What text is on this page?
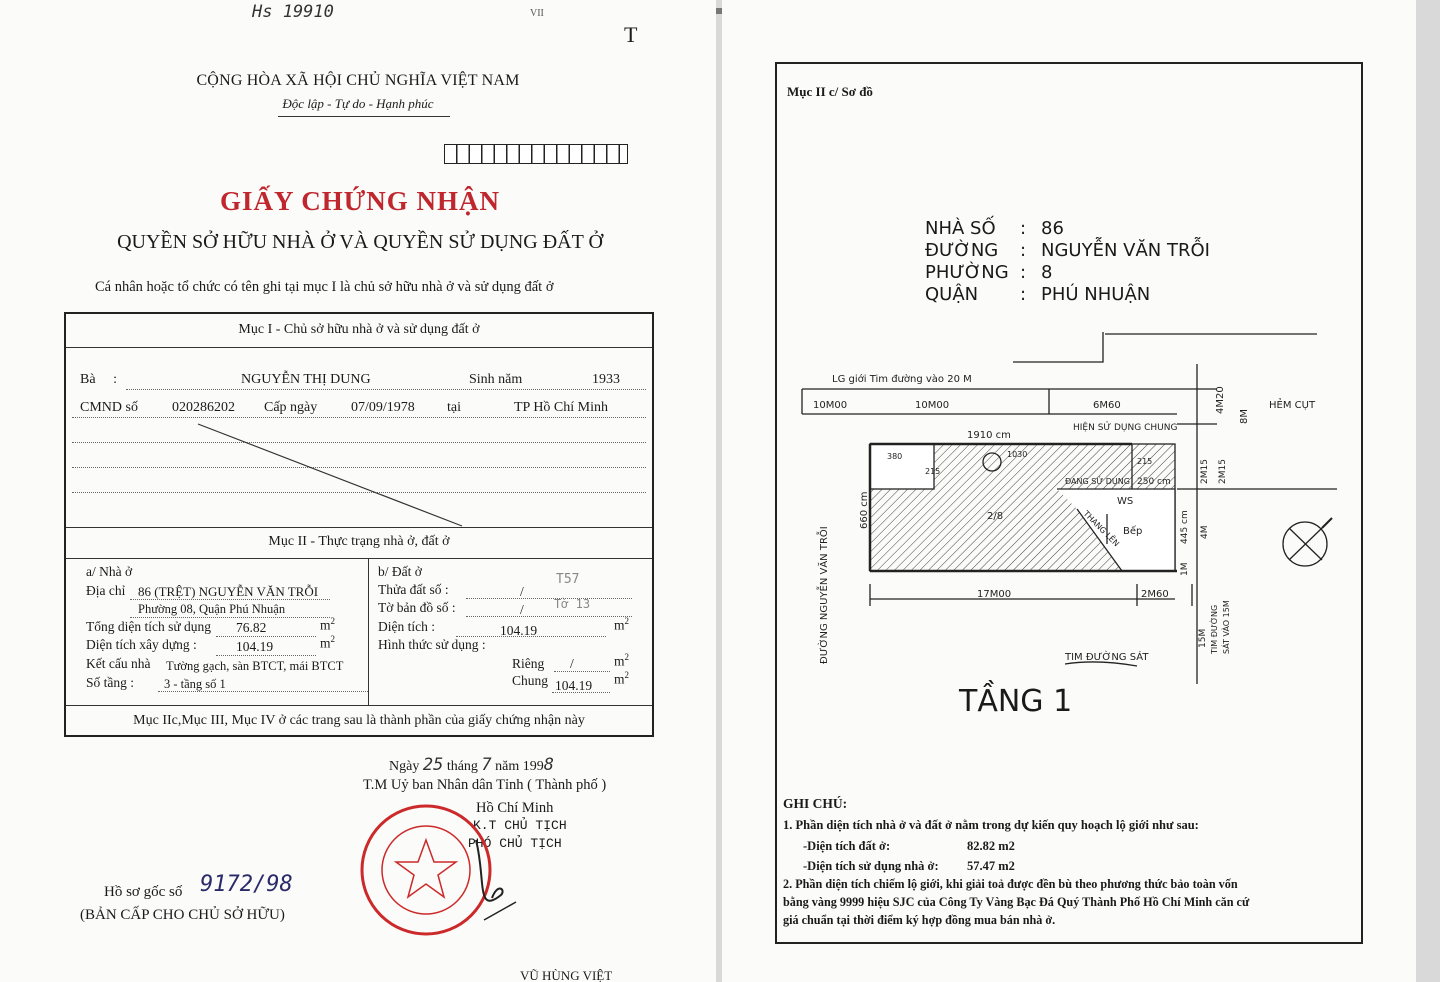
Hs 19910	VII
T
CỘNG HÒA XÃ HỘI CHỦ NGHĨA VIỆT NAM
Độc lập - Tự do - Hạnh phúc
GIẤY CHỨNG NHẬN
QUYỀN SỞ HỮU NHÀ Ở VÀ QUYỀN SỬ DỤNG ĐẤT Ở
Cá nhân hoặc tổ chức có tên ghi tại mục I là chủ sở hữu nhà ở và sử dụng đất ở
Mục I - Chủ sở hữu nhà ở và sử dụng đất ở
Bà :	NGUYỄN THỊ DUNG	Sinh năm	1933
CMND số 020286202 Cấp ngày 07/09/1978 tại	TP Hồ Chí Minh
Mục II - Thực trạng nhà ở, đất ở
a/ Nhà ở
Địa chỉ 86 (TRỆT) NGUYỄN VĂN TRỖI
Phường 08, Quận Phú Nhuận
Tổng diện tích sử dụng 76.82	$m^2$
Diện tích xây dựng :	104.19	$m^2$
Kết cấu nhà Tường gạch, sàn BTCT, mái BTCT
Số tầng : 3 - tầng số 1
b/ Đất ở
Thửa đất số :	/
T57
Tờ bản đồ số :	/	Tờ 13
Diện tích :	104.19	$m^2$
Hình thức sử dụng :
Riêng /	$m^2$
Chung 104.19 $m^2$
Mục IIc,Mục III, Mục IV ở các trang sau là thành phần của giấy chứng nhận này
Ngày 25 tháng 7 năm 1998
T.M Uỷ ban Nhân dân Tỉnh ( Thành phố )
Hồ Chí Minh
K.T CHỦ TỊCH
PHÓ CHỦ TỊCH
VŨ HÙNG VIỆT
Hồ sơ gốc số 9172/98
(BẢN CẤP CHO CHỦ SỞ HỮU)
Mục II c/ Sơ đồ
NHÀ SỐ : 86
ĐƯỜNG : NGUYỄN VĂN TRỖI
PHƯỜNG : 8
QUẬN : PHÚ NHUẬN
LG giới Tim đường vào 20 M
10M00	10M00	6M60
HIỆN SỬ DỤNG CHUNG
1910 cm
380
215
215
1030
ĐANG SỬ DỤNG 250 cm
660 cm	2/8
WS
Bếp
THANG LÊN	445 cm 4M
1M
17M00	2M60
4M20
8M
2M15 2M15
HẺM CỤT
ĐƯỜNG NGUYỄN VĂN TRỖI	15M TIM ĐƯỜNG SÁT VÀO 15M
TIM ĐƯỜNG SÁT
TẦNG 1
GHI CHÚ:
1. Phần diện tích nhà ở và đất ở nằm trong dự kiến quy hoạch lộ giới như sau:
-Diện tích đất ở:	82.82 m2
-Diện tích sử dụng nhà ở: 57.47 m2
2. Phần diện tích chiếm lộ giới, khi giải toả được đền bù theo phương thức bảo toàn vốn
bằng vàng 9999 hiệu SJC của Công Ty Vàng Bạc Đá Quý Thành Phố Hồ Chí Minh căn cứ
giá chuẩn tại thời điểm ký hợp đồng mua bán nhà ở.
